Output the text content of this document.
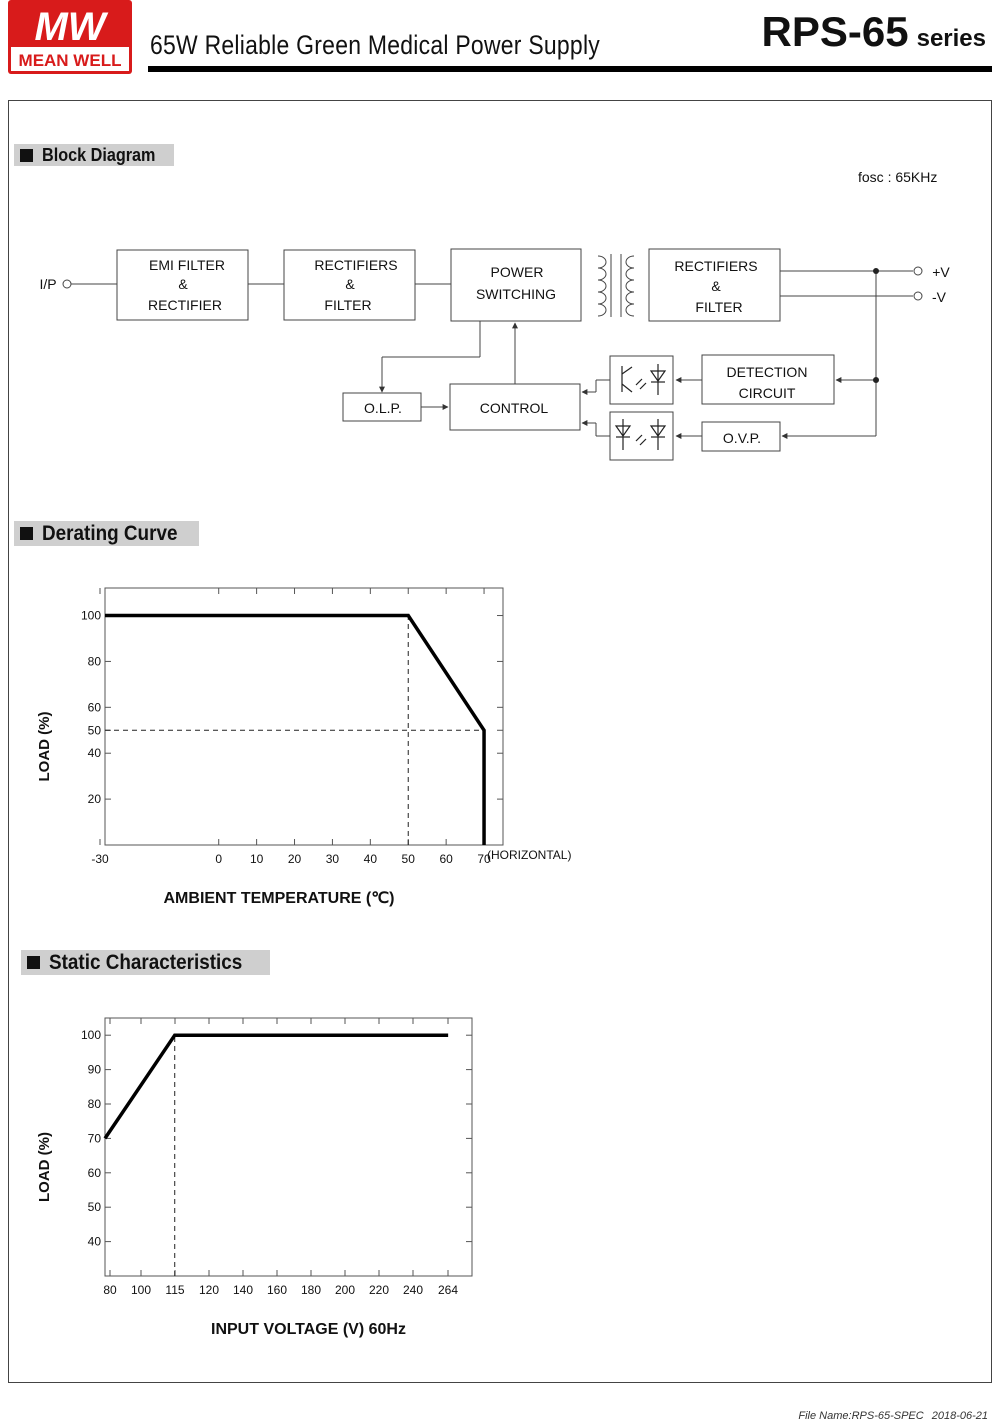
MW
MEAN WELL
65W Reliable Green Medical Power Supply	RPS-65 series
Block Diagram
fosc : 65KHz
I/P
+V
-V
EMI FILTER
&
RECTIFIER
RECTIFIERS
&
FILTER
POWER
SWITCHING
RECTIFIERS
&
FILTER
DETECTION
CIRCUIT
O.L.P.	CONTROL
O.V.P.
Derating Curve
20
40
50
60
80
100
-30	0 10 20 30 40 50 60 70
AMBIENT TEMPERATURE (℃)
LOAD (%)
(HORIZONTAL)
Static Characteristics
40
50
60
70
80
90
100
80 100 115 120 140 160 180 200 220 240 264
INPUT VOLTAGE (V) 60Hz
LOAD (%)
File Name:RPS-65-SPEC 2018-06-21
